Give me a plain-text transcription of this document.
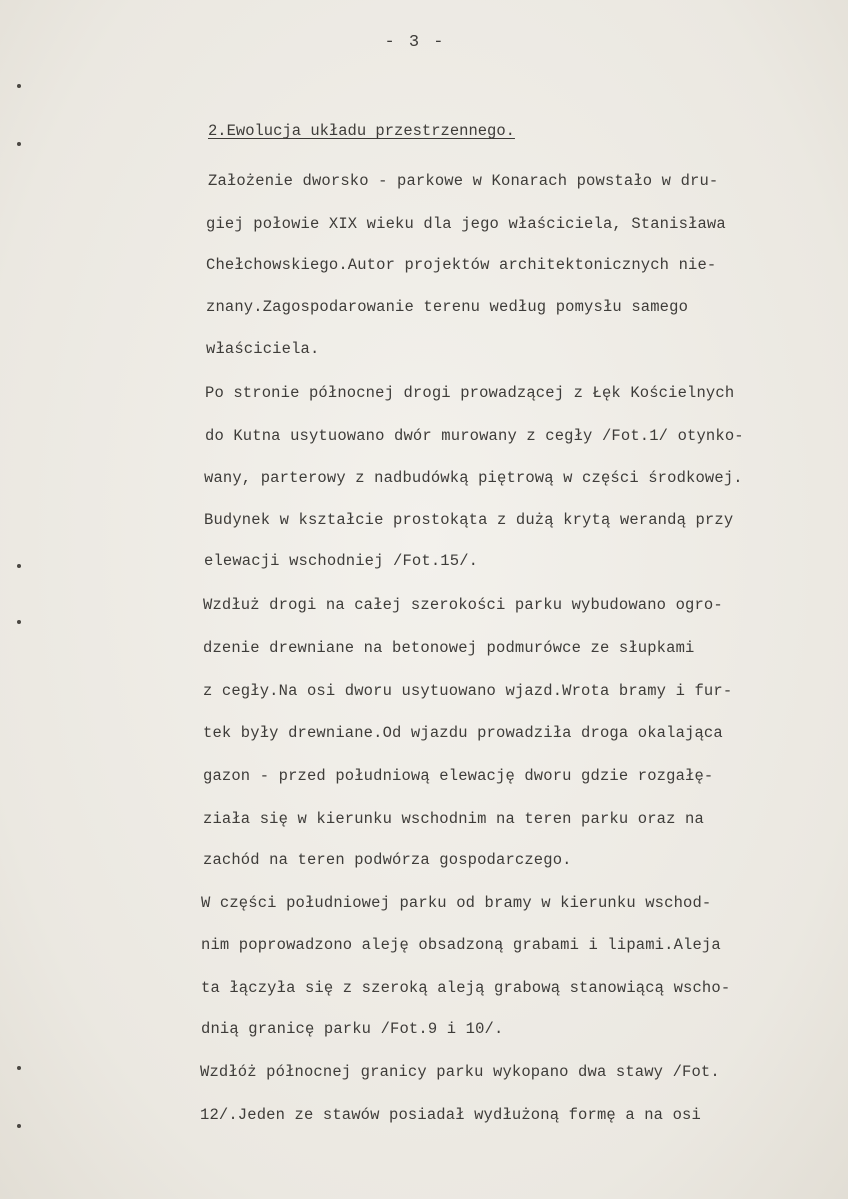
- 3 -
2.Ewolucja układu przestrzennego.
Założenie dworsko - parkowe w Konarach powstało w dru-
giej połowie XIX wieku dla jego właściciela, Stanisława
Chełchowskiego.Autor projektów architektonicznych nie-
znany.Zagospodarowanie terenu według pomysłu samego
właściciela.
Po stronie północnej drogi prowadzącej z Łęk Kościelnych
do Kutna usytuowano dwór murowany z cegły /Fot.1/ otynko-
wany, parterowy z nadbudówką piętrową w części środkowej.
Budynek w kształcie prostokąta z dużą krytą werandą przy
elewacji wschodniej /Fot.15/.
Wzdłuż drogi na całej szerokości parku wybudowano ogro-
dzenie drewniane na betonowej podmurówce ze słupkami
z cegły.Na osi dworu usytuowano wjazd.Wrota bramy i fur-
tek były drewniane.Od wjazdu prowadziła droga okalająca
gazon - przed południową elewację dworu gdzie rozgałę-
ziała się w kierunku wschodnim na teren parku oraz na
zachód na teren podwórza gospodarczego.
W części południowej parku od bramy w kierunku wschod-
nim poprowadzono aleję obsadzoną grabami i lipami.Aleja
ta łączyła się z szeroką aleją grabową stanowiącą wscho-
dnią granicę parku /Fot.9 i 10/.
Wzdłóż północnej granicy parku wykopano dwa stawy /Fot.
12/.Jeden ze stawów posiadał wydłużoną formę a na osi
